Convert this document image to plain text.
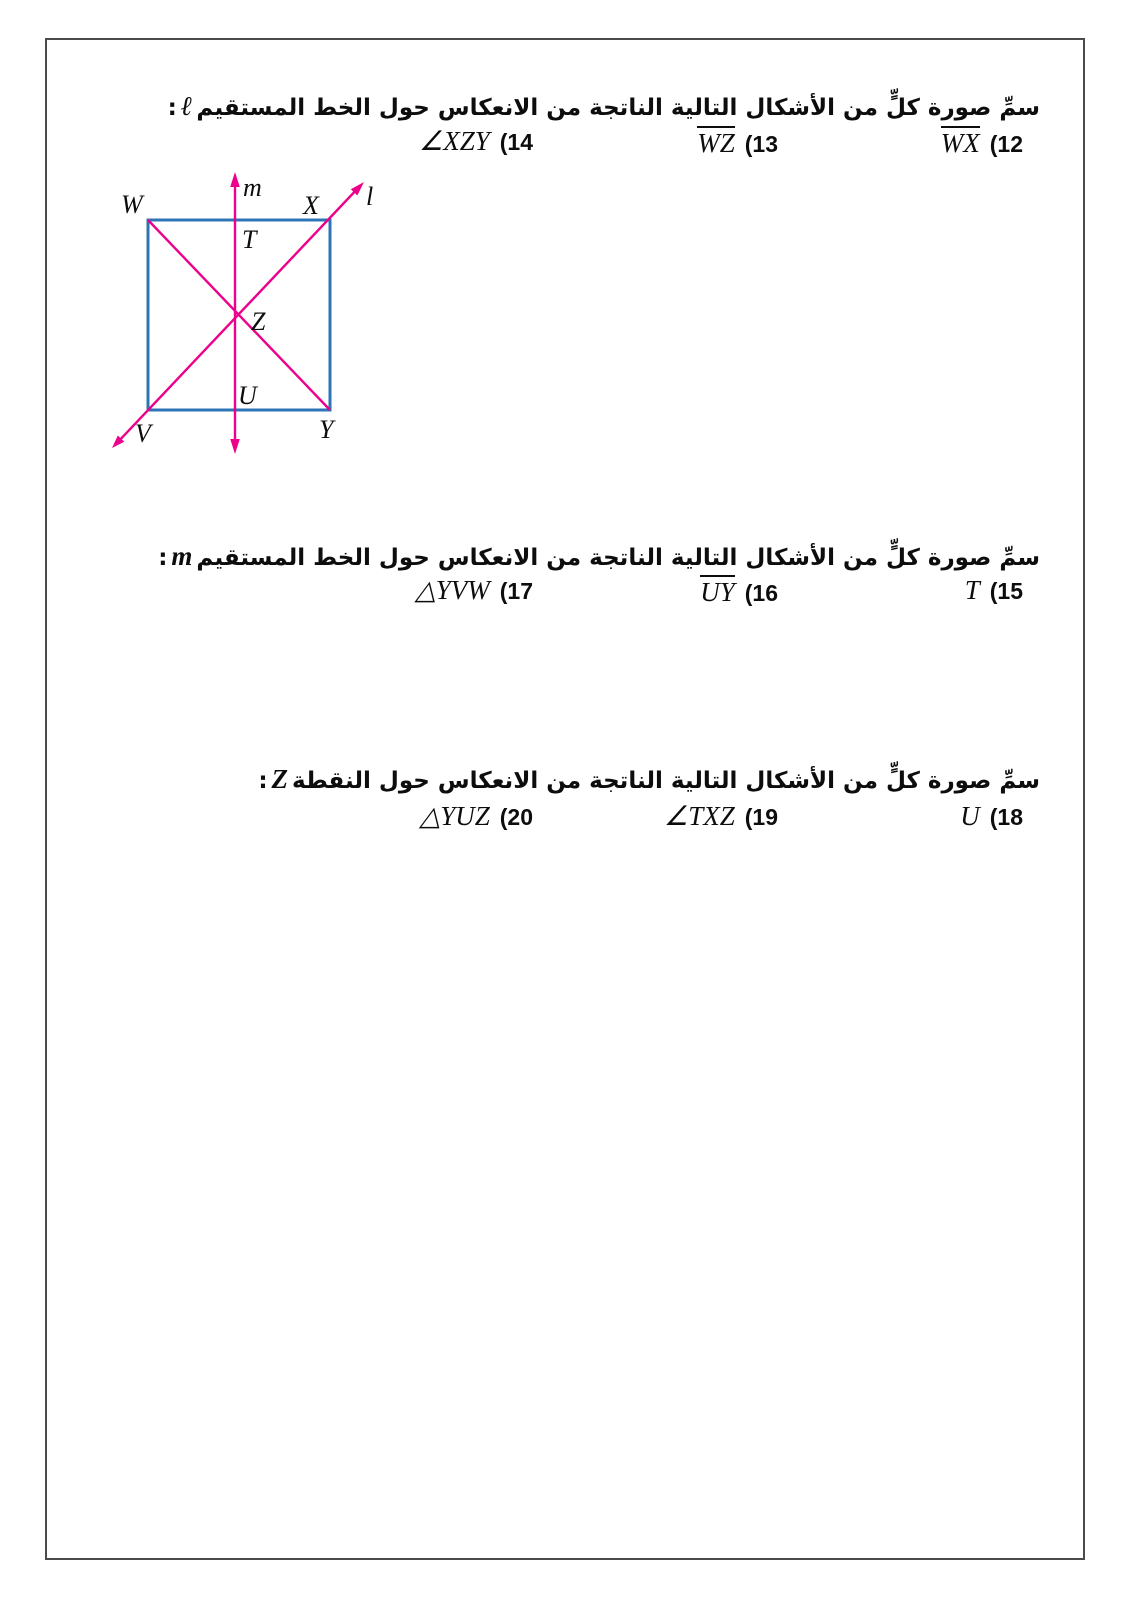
سمِّ صورة كلٍّ من الأشكال التالية الناتجة من الانعكاس حول الخط المستقيمℓ:

WX (12
WZ (13
∠XZY (14
W	X
V	Y
m	l
T
Z
U

سمِّ صورة كلٍّ من الأشكال التالية الناتجة من الانعكاس حول الخط المستقيمm:

T (15
UY (16
△YVW (17

سمِّ صورة كلٍّ من الأشكال التالية الناتجة من الانعكاس حول النقطةZ:

U (18
∠TXZ (19
△YUZ (20
